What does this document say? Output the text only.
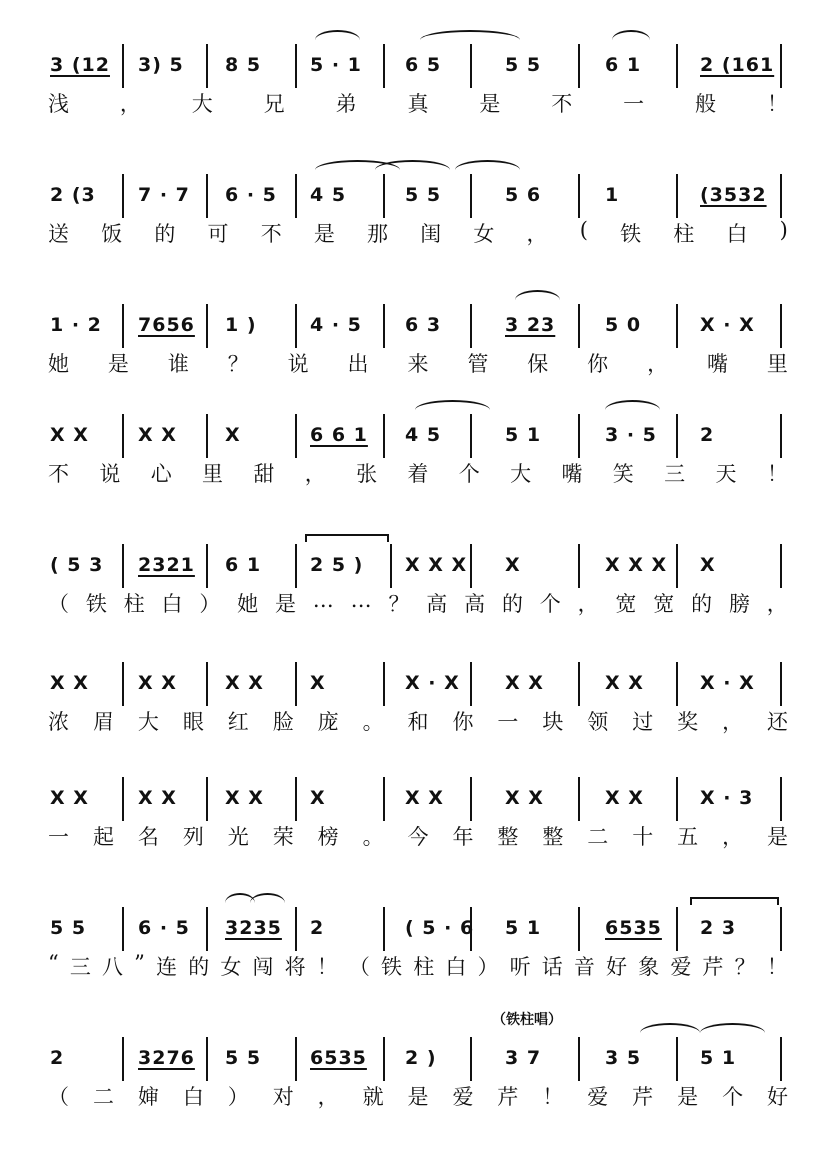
3 (12 3) 5 8 5	5 · 1 6 5	5 5	6 1	2 (161
浅 ， 大 兄 弟 真 是 不 一 般 ！
2 (3 7 · 7 6 · 5 4 5	5 5	5 6	1	(3532
送 饭 的 可 不 是 那 闺 女 ， ( 铁 柱 白 )
1 · 2 7656 1 )	4 · 5 6 3	3 23	5 0	X · X
她 是 谁 ？ 说 出 来 管 保 你 ， 嘴 里
X X	X X	X	6 6 1 4 5	5 1	3 · 5 2
不 说 心 里 甜 ， 张 着 个 大 嘴 笑 三 天 ！
( 5 3 2321 6 1	2 5 ) X X X X	X X X X
（ 铁 柱 白 ） 她 是 … … ？ 高 高 的 个 ， 宽 宽 的 膀 ，
X X	X X	X X X	X · X X X	X X	X · X
浓 眉 大 眼 红 脸 庞 。 和 你 一 块 领 过 奖 ， 还
X X	X X	X X X	X X	X X	X X	X · 3
一 起 名 列 光 荣 榜 。 今 年 整 整 二 十 五 ， 是
5 5	6 · 5 3235 2	( 5 · 6 5 1	6535 2 3
“ 三 八 ” 连 的 女 闯 将 ！ （ 铁 柱 白 ） 听 话 音 好 象 爱 芹 ？ ！
2	3276 5 5	6535 2 )	3 7	3 5	5 1
（ 二 婶 白 ） 对 ， 就 是 爱 芹 ！ 爱 芹 是 个 好
（铁柱唱）
